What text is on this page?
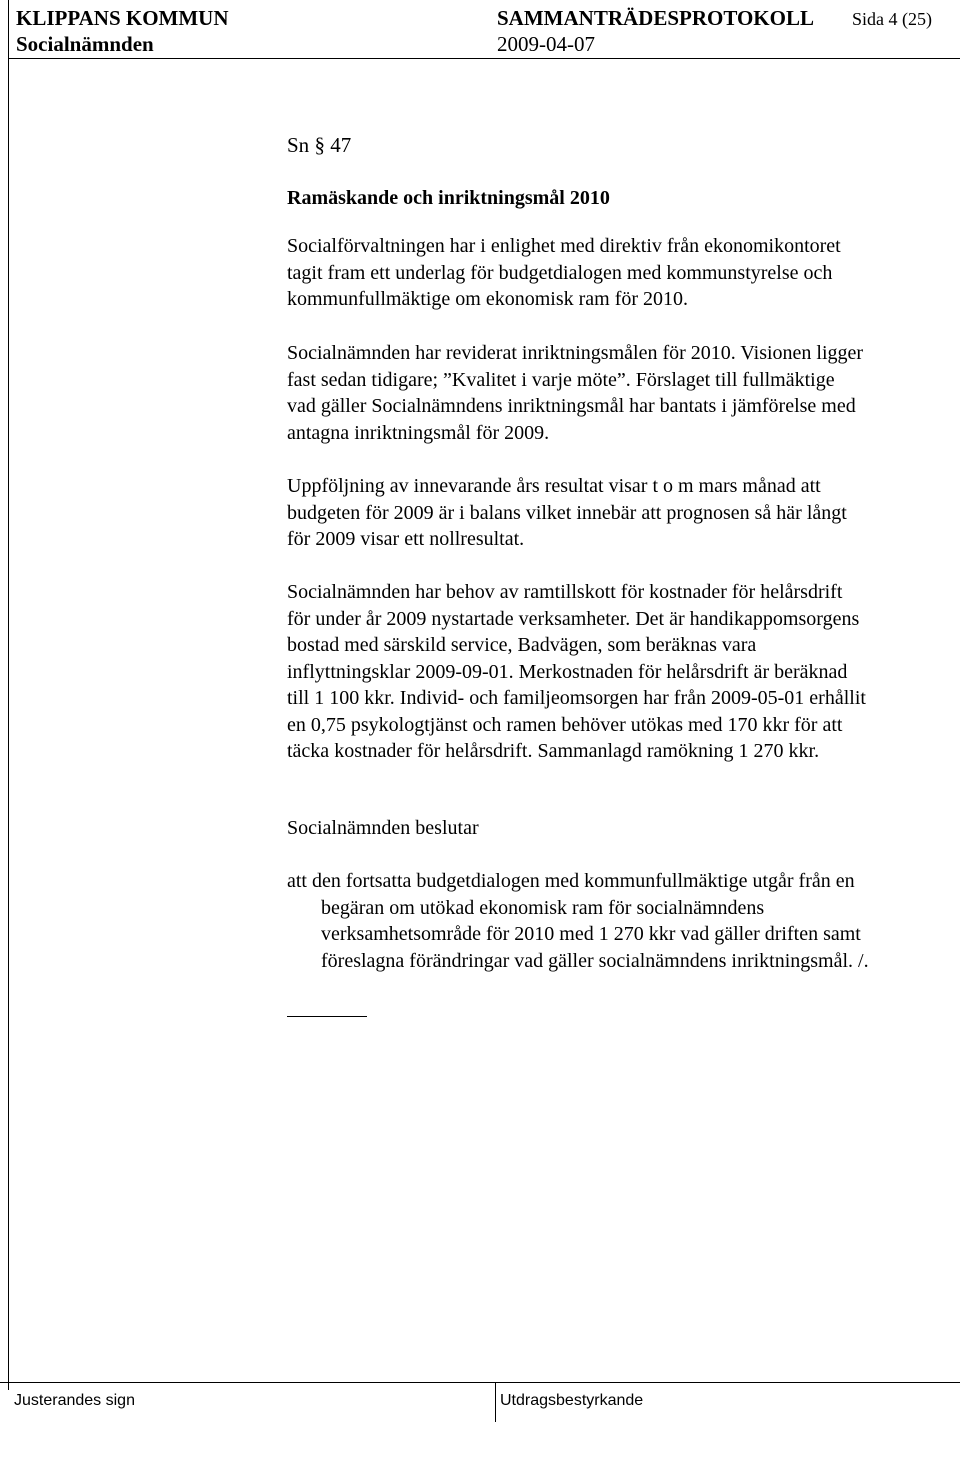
KLIPPANS KOMMUN	SAMMANTRÄDESPROTOKOLL Sida 4 (25)
Socialnämnden	2009-04-07
Sn § 47
Ramäskande och inriktningsmål 2010
Socialförvaltningen har i enlighet med direktiv från ekonomikontoret
tagit fram ett underlag för budgetdialogen med kommunstyrelse och
kommunfullmäktige om ekonomisk ram för 2010.
Socialnämnden har reviderat inriktningsmålen för 2010. Visionen ligger
fast sedan tidigare; ”Kvalitet i varje möte”. Förslaget till fullmäktige
vad gäller Socialnämndens inriktningsmål har bantats i jämförelse med
antagna inriktningsmål för 2009.
Uppföljning av innevarande års resultat visar t o m mars månad att
budgeten för 2009 är i balans vilket innebär att prognosen så här långt
för 2009 visar ett nollresultat.
Socialnämnden har behov av ramtillskott för kostnader för helårsdrift
för under år 2009 nystartade verksamheter. Det är handikappomsorgens
bostad med särskild service, Badvägen, som beräknas vara
inflyttningsklar 2009-09-01. Merkostnaden för helårsdrift är beräknad
till 1 100 kkr. Individ- och familjeomsorgen har från 2009-05-01 erhållit
en 0,75 psykologtjänst och ramen behöver utökas med 170 kkr för att
täcka kostnader för helårsdrift. Sammanlagd ramökning 1 270 kkr.
Socialnämnden beslutar
att den fortsatta budgetdialogen med kommunfullmäktige utgår från en
begäran om utökad ekonomisk ram för socialnämndens
verksamhetsområde för 2010 med 1 270 kkr vad gäller driften samt
föreslagna förändringar vad gäller socialnämndens inriktningsmål. /.
Justerandes sign	Utdragsbestyrkande
